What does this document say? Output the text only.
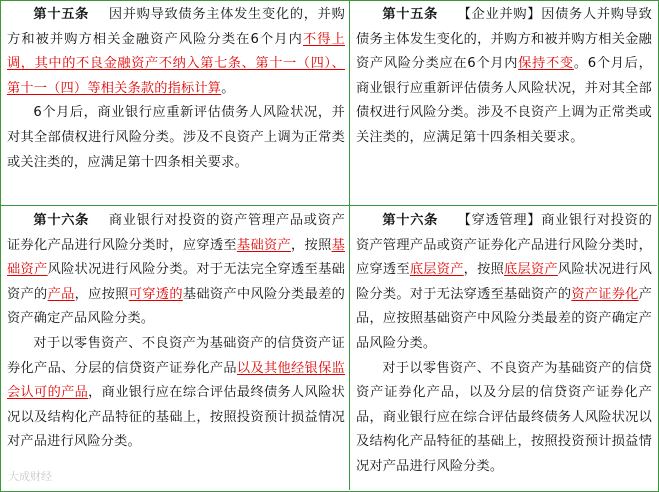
第十五条 因并购导致债务主体发生变化的，并购方和被并购方相关金融资产风险分类在6个月内不得上调，其中的不良金融资产不纳入第七条、第十一（四）、第十一（四）等相关条款的指标计算。

6个月后，商业银行应重新评估债务人风险状况，并对其全部债权进行风险分类。涉及不良资产上调为正常类或关注类的，应满足第十四条相关要求。

第十五条 【企业并购】因债务人并购导致债务主体发生变化的，并购方和被并购方相关金融资产风险分类应在6个月内保持不变。6个月后，商业银行应重新评估债务人风险状况，并对其全部债权进行风险分类。涉及不良资产上调为正常类或关注类的，应满足第十四条相关要求。

第十六条 商业银行对投资的资产管理产品或资产证券化产品进行风险分类时，应穿透至基础资产，按照基础资产风险状况进行风险分类。对于无法完全穿透至基础资产的产品，应按照可穿透的基础资产中风险分类最差的资产确定产品风险分类。

对于以零售资产、不良资产为基础资产的信贷资产证券化产品、分层的信贷资产证券化产品以及其他经银保监会认可的产品，商业银行应在综合评估最终债务人风险状况以及结构化产品特征的基础上，按照投资预计损益情况对产品进行风险分类。

第十六条 【穿透管理】商业银行对投资的资产管理产品或资产证券化产品进行风险分类时，应穿透至底层资产，按照底层资产风险状况进行风险分类。对于无法穿透至基础资产的资产证券化产品，应按照基础资产中风险分类最差的资产确定产品风险分类。

对于以零售资产、不良资产为基础资产的信贷资产证券化产品，以及分层的信贷资产证券化产品，商业银行应在综合评估最终债务人风险状况以及结构化产品特征的基础上，按照投资预计损益情况对产品进行风险分类。

大成财经
